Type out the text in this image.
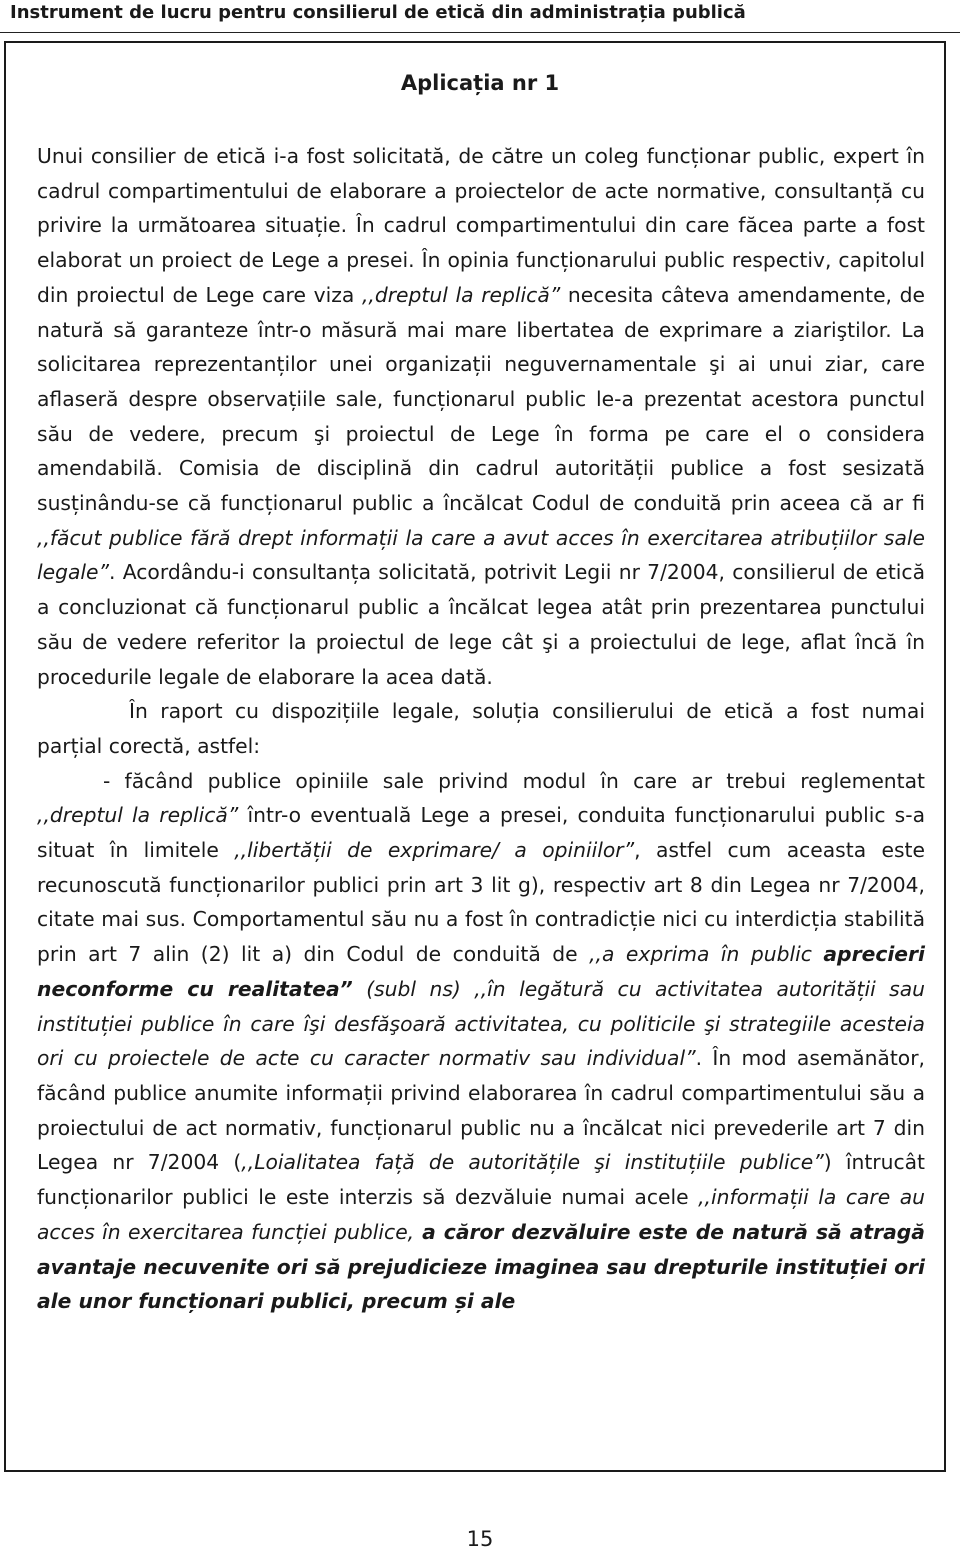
Instrument de lucru pentru consilierul de etică din administrația publică
Aplicația nr 1

Unui consilier de etică i-a fost solicitată, de către un coleg funcționar public, expert în cadrul compartimentului de elaborare a proiectelor de acte normative, consultanță cu privire la următoarea situație. În cadrul compartimentului din care făcea parte a fost elaborat un proiect de Lege a presei. În opinia funcționarului public respectiv, capitolul din proiectul de Lege care viza ,,dreptul la replică” necesita câteva amendamente, de natură să garanteze într-o măsură mai mare libertatea de exprimare a ziariştilor. La solicitarea reprezentanților unei organizații neguvernamentale şi ai unui ziar, care aflaseră despre observațiile sale, funcționarul public le-a prezentat acestora punctul său de vedere, precum şi proiectul de Lege în forma pe care el o considera amendabilă. Comisia de disciplină din cadrul autorității publice a fost sesizată susținându-se că funcționarul public a încălcat Codul de conduită prin aceea că ar fi ,,făcut publice fără drept informații la care a avut acces în exercitarea atribuțiilor sale legale”. Acordându-i consultanța solicitată, potrivit Legii nr 7/2004, consilierul de etică a concluzionat că funcționarul public a încălcat legea atât prin prezentarea punctului său de vedere referitor la proiectul de lege cât şi a proiectului de lege, aflat încă în procedurile legale de elaborare la acea dată.

În raport cu dispozițiile legale, soluția consilierului de etică a fost numai parțial corectă, astfel:

- făcând publice opiniile sale privind modul în care ar trebui reglementat ,,dreptul la replică” într-o eventuală Lege a presei, conduita funcționarului public s-a situat în limitele ,,libertății de exprimare/ a opiniilor”, astfel cum aceasta este recunoscută funcționarilor publici prin art 3 lit g), respectiv art 8 din Legea nr 7/2004, citate mai sus. Comportamentul său nu a fost în contradicție nici cu interdicția stabilită prin art 7 alin (2) lit a) din Codul de conduită de ,,a exprima în public aprecieri neconforme cu realitatea” (subl ns) ,,în legătură cu activitatea autorității sau instituției publice în care îşi desfăşoară activitatea, cu politicile şi strategiile acesteia ori cu proiectele de acte cu caracter normativ sau individual”. În mod asemănător, făcând publice anumite informații privind elaborarea în cadrul compartimentului său a proiectului de act normativ, funcționarul public nu a încălcat nici prevederile art 7 din Legea nr 7/2004 (,,Loialitatea față de autoritățile şi instituțiile publice”) întrucât funcționarilor publici le este interzis să dezvăluie numai acele ,,informații la care au acces în exercitarea funcției publice, a căror dezvăluire este de natură să atragă avantaje necuvenite ori să prejudicieze imaginea sau drepturile instituției ori ale unor funcționari publici, precum și ale

15
